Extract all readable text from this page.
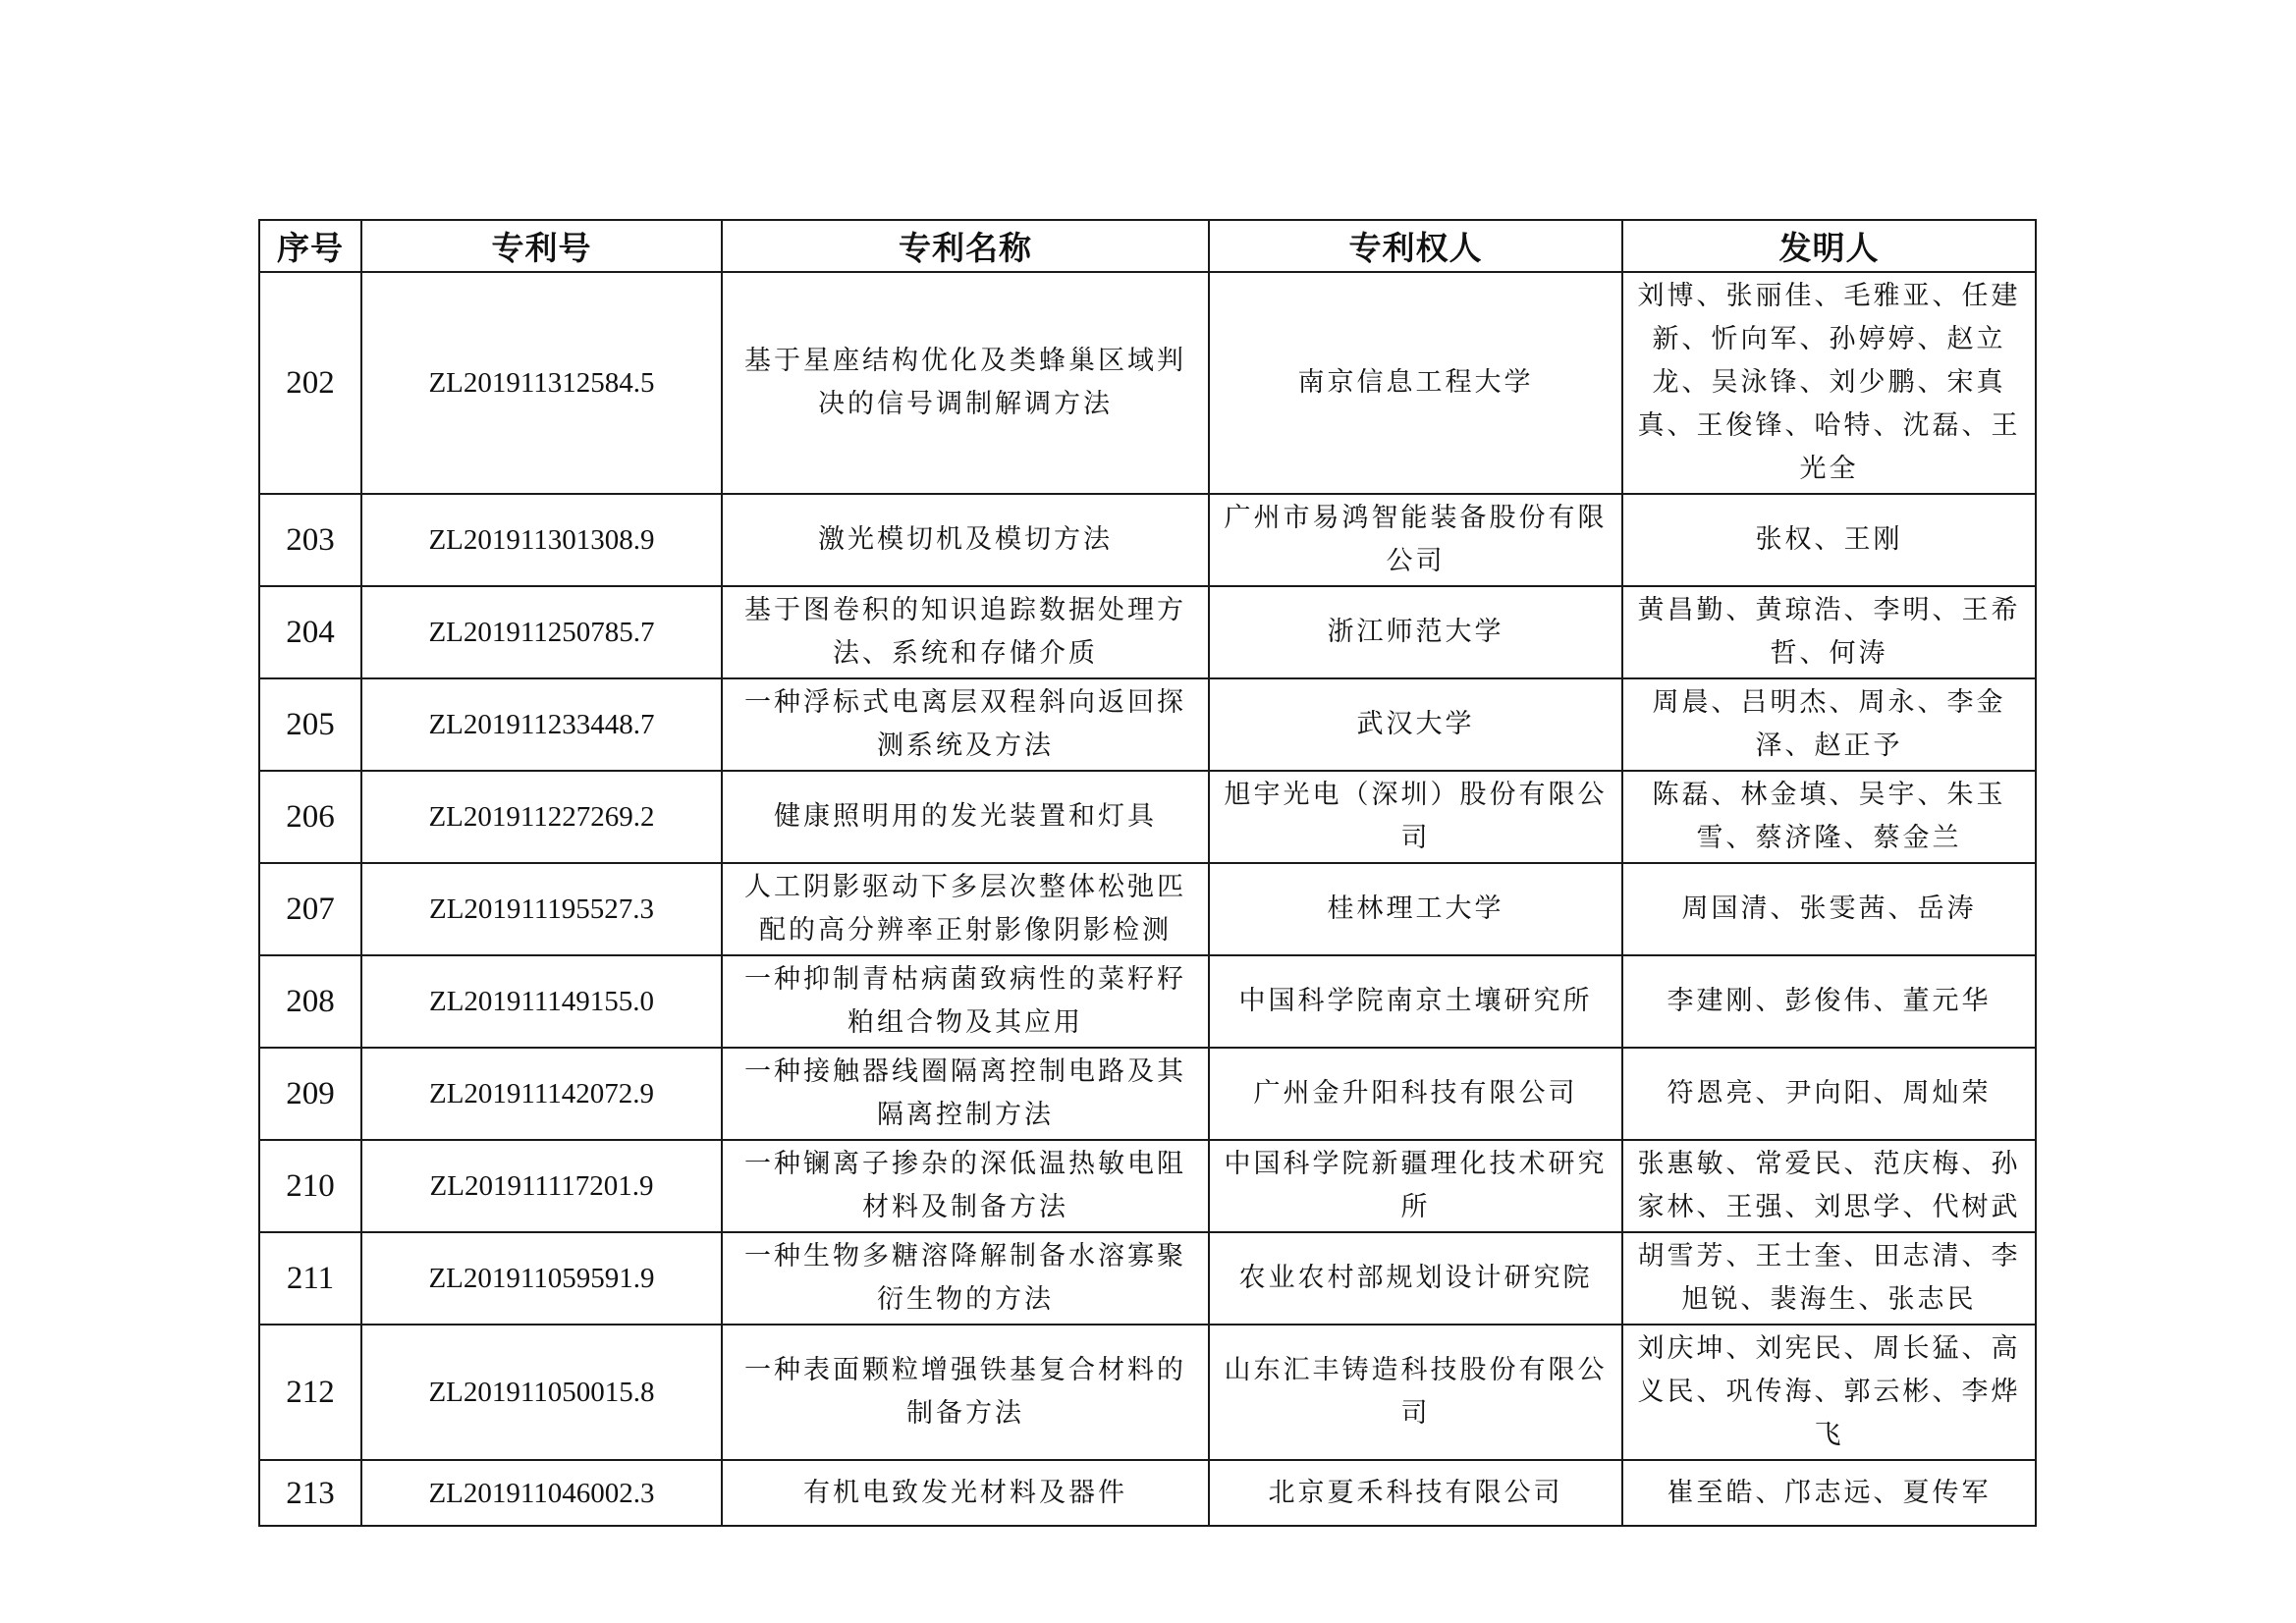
序号	专利号	专利名称	专利权人	发明人
202	ZL201911312584.5	基于星座结构优化及类蜂巢区域判决的信号调制解调方法	南京信息工程大学	刘博、张丽佳、毛雅亚、任建新、忻向军、孙婷婷、赵立龙、吴泳锋、刘少鹏、宋真真、王俊锋、哈特、沈磊、王光全
203	ZL201911301308.9	激光模切机及模切方法	广州市易鸿智能装备股份有限公司	张权、王刚
204	ZL201911250785.7	基于图卷积的知识追踪数据处理方法、系统和存储介质	浙江师范大学	黄昌勤、黄琼浩、李明、王希哲、何涛
205	ZL201911233448.7	一种浮标式电离层双程斜向返回探测系统及方法	武汉大学	周晨、吕明杰、周永、李金泽、赵正予
206	ZL201911227269.2	健康照明用的发光装置和灯具	旭宇光电（深圳）股份有限公司	陈磊、林金填、吴宇、朱玉雪、蔡济隆、蔡金兰
207	ZL201911195527.3	人工阴影驱动下多层次整体松弛匹配的高分辨率正射影像阴影检测	桂林理工大学	周国清、张雯茜、岳涛
208	ZL201911149155.0	一种抑制青枯病菌致病性的菜籽籽粕组合物及其应用	中国科学院南京土壤研究所	李建刚、彭俊伟、董元华
209	ZL201911142072.9	一种接触器线圈隔离控制电路及其隔离控制方法	广州金升阳科技有限公司	符恩亮、尹向阳、周灿荣
210	ZL201911117201.9	一种镧离子掺杂的深低温热敏电阻材料及制备方法	中国科学院新疆理化技术研究所	张惠敏、常爱民、范庆梅、孙家林、王强、刘思学、代树武
211	ZL201911059591.9	一种生物多糖溶降解制备水溶寡聚衍生物的方法	农业农村部规划设计研究院	胡雪芳、王士奎、田志清、李旭锐、裴海生、张志民
212	ZL201911050015.8	一种表面颗粒增强铁基复合材料的制备方法	山东汇丰铸造科技股份有限公司	刘庆坤、刘宪民、周长猛、高义民、巩传海、郭云彬、李烨飞
213	ZL201911046002.3	有机电致发光材料及器件	北京夏禾科技有限公司	崔至皓、邝志远、夏传军
